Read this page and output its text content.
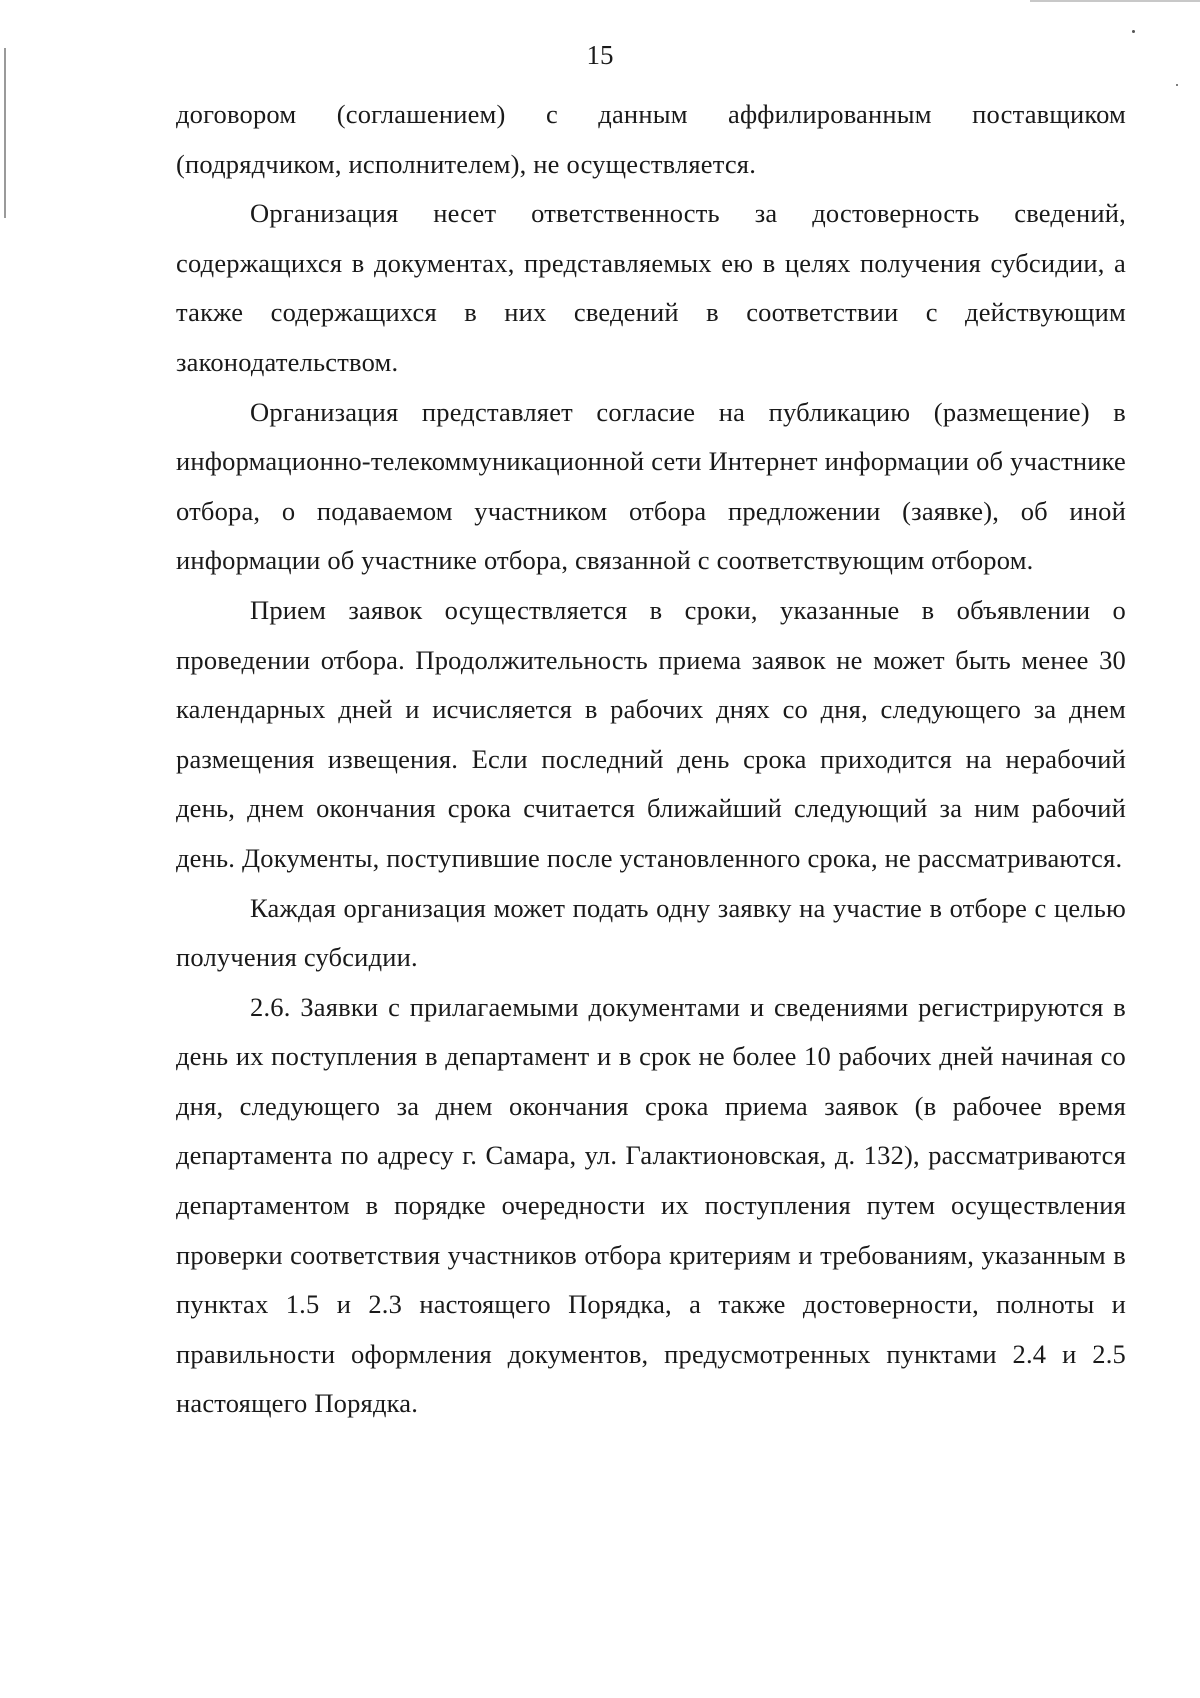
15

договором (соглашением) с данным аффилированным поставщиком (подрядчиком, исполнителем), не осуществляется.

Организация несет ответственность за достоверность сведений, содержащихся в документах, представляемых ею в целях получения субсидии, а также содержащихся в них сведений в соответствии с действующим законодательством.

Организация представляет согласие на публикацию (размещение) в информационно-телекоммуникационной сети Интернет информации об участнике отбора, о подаваемом участником отбора предложении (заявке), об иной информации об участнике отбора, связанной с соответствующим отбором.

Прием заявок осуществляется в сроки, указанные в объявлении о проведении отбора. Продолжительность приема заявок не может быть менее 30 календарных дней и исчисляется в рабочих днях со дня, следующего за днем размещения извещения. Если последний день срока приходится на нерабочий день, днем окончания срока считается ближайший следующий за ним рабочий день. Документы, поступившие после установленного срока, не рассматриваются.

Каждая организация может подать одну заявку на участие в отборе с целью получения субсидии.

2.6. Заявки с прилагаемыми документами и сведениями регистрируются в день их поступления в департамент и в срок не более 10 рабочих дней начиная со дня, следующего за днем окончания срока приема заявок (в рабочее время департамента по адресу г. Самара, ул. Галактионовская, д. 132), рассматриваются департаментом в порядке очередности их поступления путем осуществления проверки соответствия участников отбора критериям и требованиям, указанным в пунктах 1.5 и 2.3 настоящего Порядка, а также достоверности, полноты и правильности оформления документов, предусмотренных пунктами 2.4 и 2.5 настоящего Порядка.
